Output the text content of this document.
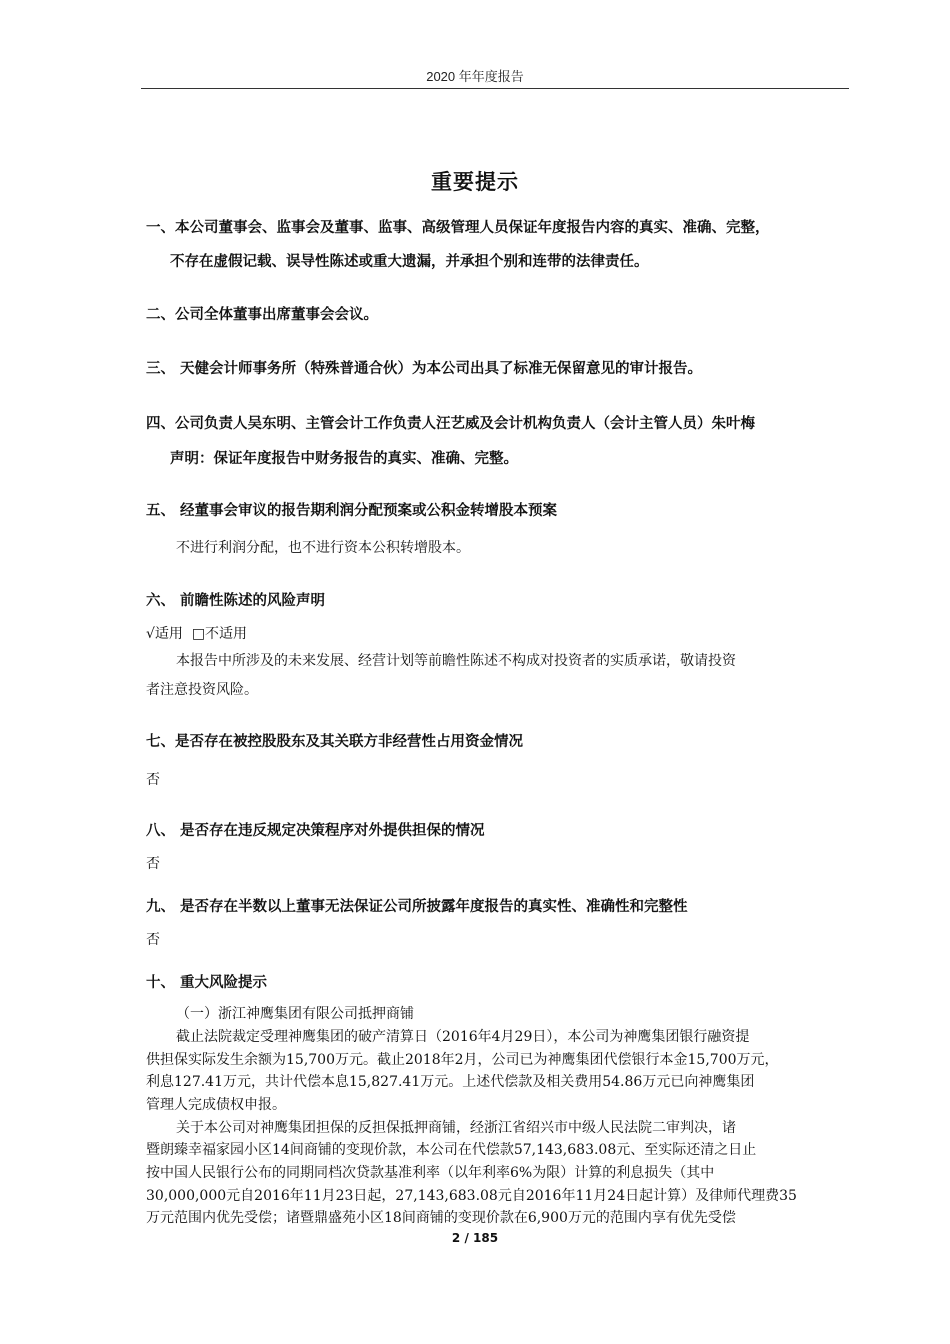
2020 年年度报告
重要提示
一、本公司董事会、监事会及董事、监事、高级管理人员保证年度报告内容的真实、准确、完整，
不存在虚假记载、误导性陈述或重大遗漏，并承担个别和连带的法律责任。
二、公司全体董事出席董事会会议。
三、 天健会计师事务所（特殊普通合伙）为本公司出具了标准无保留意见的审计报告。
四、公司负责人吴东明、主管会计工作负责人汪艺威及会计机构负责人（会计主管人员）朱叶梅
声明：保证年度报告中财务报告的真实、准确、完整。
五、 经董事会审议的报告期利润分配预案或公积金转增股本预案
不进行利润分配，也不进行资本公积转增股本。
六、 前瞻性陈述的风险声明
√适用 □不适用
本报告中所涉及的未来发展、经营计划等前瞻性陈述不构成对投资者的实质承诺，敬请投资
者注意投资风险。
七、是否存在被控股股东及其关联方非经营性占用资金情况
否
八、 是否存在违反规定决策程序对外提供担保的情况
否
九、 是否存在半数以上董事无法保证公司所披露年度报告的真实性、准确性和完整性
否
十、 重大风险提示
（一）浙江神鹰集团有限公司抵押商铺
截止法院裁定受理神鹰集团的破产清算日（2016年4月29日），本公司为神鹰集团银行融资提
供担保实际发生余额为15,700万元。截止2018年2月，公司已为神鹰集团代偿银行本金15,700万元，
利息127.41万元，共计代偿本息15,827.41万元。上述代偿款及相关费用54.86万元已向神鹰集团
管理人完成债权申报。
关于本公司对神鹰集团担保的反担保抵押商铺，经浙江省绍兴市中级人民法院二审判决，诸
暨朗臻幸福家园小区14间商铺的变现价款，本公司在代偿款57,143,683.08元、至实际还清之日止
按中国人民银行公布的同期同档次贷款基准利率（以年利率6%为限）计算的利息损失（其中
30,000,000元自2016年11月23日起，27,143,683.08元自2016年11月24日起计算）及律师代理费35
万元范围内优先受偿；诸暨鼎盛苑小区18间商铺的变现价款在6,900万元的范围内享有优先受偿
2 / 185
